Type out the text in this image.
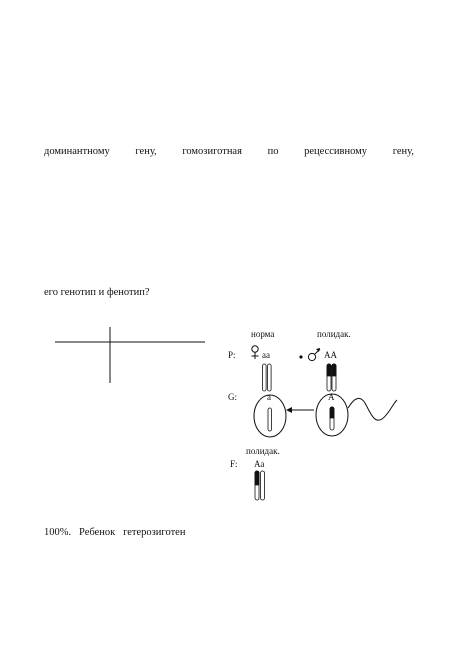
доминантному гену, гомозиготная по рецессивному гену,
его генотип и фенотип?
100%.   Ребенок   гетерозиготен
норма	полидак.
P:	аа	АА
G:	а	А
полидак.
F: Аа
